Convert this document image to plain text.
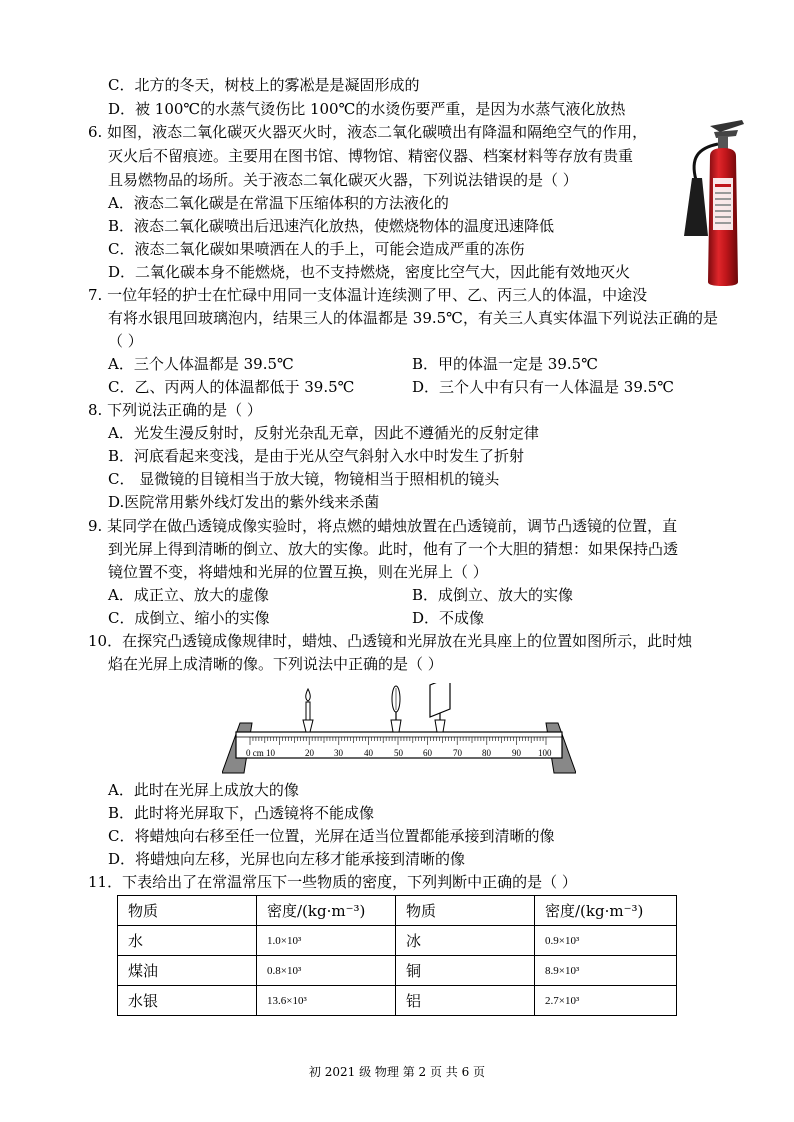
C．北方的冬天，树枝上的雾凇是是凝固形成的
D．被 100℃的水蒸气烫伤比 100℃的水烫伤要严重，是因为水蒸气液化放热
6. 如图，液态二氧化碳灭火器灭火时，液态二氧化碳喷出有降温和隔绝空气的作用，
灭火后不留痕迹。主要用在图书馆、博物馆、精密仪器、档案材料等存放有贵重
且易燃物品的场所。关于液态二氧化碳灭火器，下列说法错误的是（ ）
A．液态二氧化碳是在常温下压缩体积的方法液化的
B．液态二氧化碳喷出后迅速汽化放热，使燃烧物体的温度迅速降低
C．液态二氧化碳如果喷洒在人的手上，可能会造成严重的冻伤
D．二氧化碳本身不能燃烧，也不支持燃烧，密度比空气大，因此能有效地灭火
7. 一位年轻的护士在忙碌中用同一支体温计连续测了甲、乙、丙三人的体温，中途没
有将水银甩回玻璃泡内，结果三人的体温都是 39.5℃，有关三人真实体温下列说法正确的是
（ ）
A．三个人体温都是 39.5℃	B．甲的体温一定是 39.5℃
C．乙、丙两人的体温都低于 39.5℃	D．三个人中有只有一人体温是 39.5℃
8. 下列说法正确的是（ ）
A．光发生漫反射时，反射光杂乱无章，因此不遵循光的反射定律
B．河底看起来变浅，是由于光从空气斜射入水中时发生了折射
C． 显微镜的目镜相当于放大镜，物镜相当于照相机的镜头
D.医院常用紫外线灯发出的紫外线来杀菌
9. 某同学在做凸透镜成像实验时，将点燃的蜡烛放置在凸透镜前，调节凸透镜的位置，直
到光屏上得到清晰的倒立、放大的实像。此时，他有了一个大胆的猜想：如果保持凸透
镜位置不变，将蜡烛和光屏的位置互换，则在光屏上（ ）
A．成正立、放大的虚像	B．成倒立、放大的实像
C．成倒立、缩小的实像	D．不成像
10．在探究凸透镜成像规律时，蜡烛、凸透镜和光屏放在光具座上的位置如图所示，此时烛
焰在光屏上成清晰的像。下列说法中正确的是（ ）
0 cm 10	20 30 40 50 60 70 80 90 100
A．此时在光屏上成放大的像
B．此时将光屏取下，凸透镜将不能成像
C．将蜡烛向右移至任一位置，光屏在适当位置都能承接到清晰的像
D．将蜡烛向左移，光屏也向左移才能承接到清晰的像
11．下表给出了在常温常压下一些物质的密度，下列判断中正确的是（ ）
物质	密度/(kg·m⁻³)	物质	密度/(kg·m⁻³)
水	1.0×10³	冰	0.9×10³
煤油	0.8×10³	铜	8.9×10³
水银	13.6×10³	铝	2.7×10³
初 2021 级 物理 第 2 页 共 6 页
